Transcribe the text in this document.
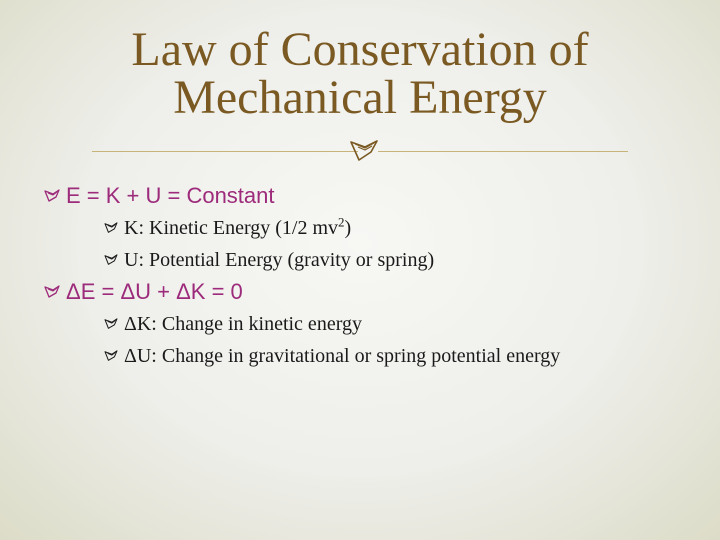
Law of Conservation of
Mechanical Energy
E = K + U = Constant
K: Kinetic Energy (1/2 $mv^2$)
U: Potential Energy (gravity or spring)
ΔE = ΔU + ΔK = 0
ΔK: Change in kinetic energy
ΔU: Change in gravitational or spring potential energy
